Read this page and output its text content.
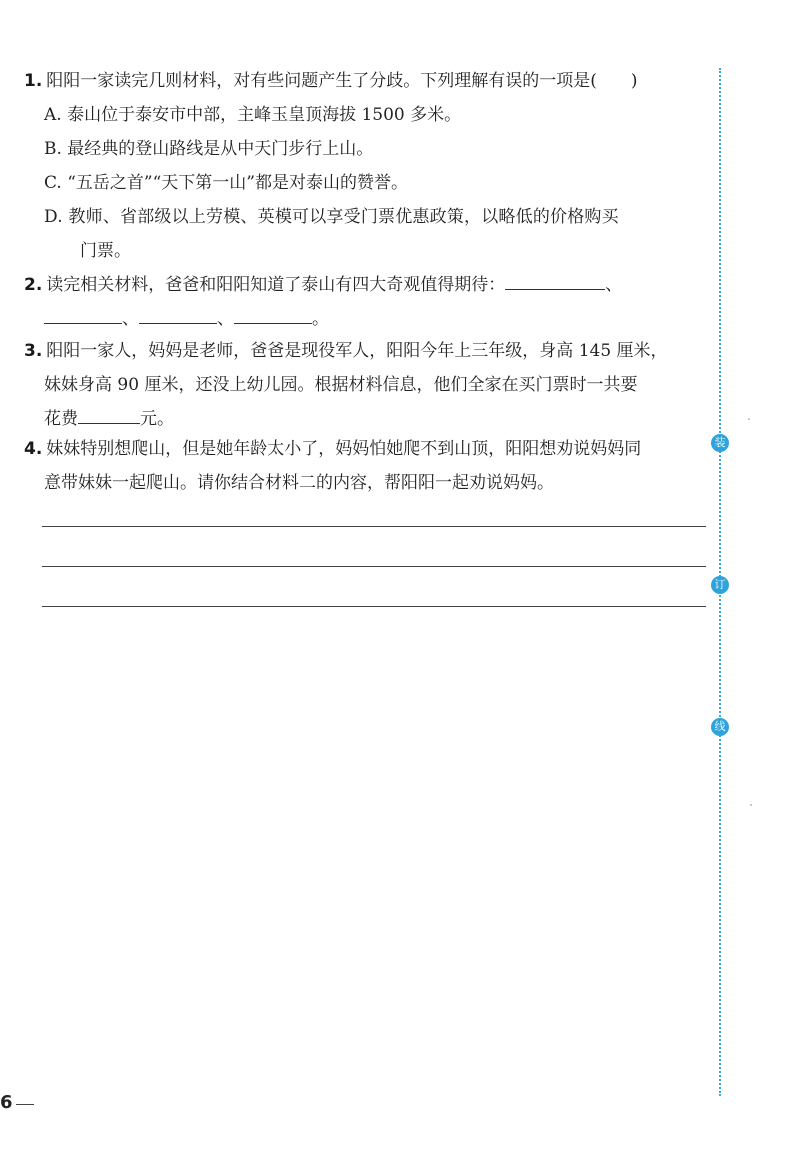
1. 阳阳一家读完几则材料，对有些问题产生了分歧。下列理解有误的一项是(　　)
A. 泰山位于泰安市中部，主峰玉皇顶海拔 1500 多米。
B. 最经典的登山路线是从中天门步行上山。
C. “五岳之首”“天下第一山”都是对泰山的赞誉。
D. 教师、省部级以上劳模、英模可以享受门票优惠政策，以略低的价格购买
门票。
2. 读完相关材料，爸爸和阳阳知道了泰山有四大奇观值得期待：	、
、	、	。
3. 阳阳一家人，妈妈是老师，爸爸是现役军人，阳阳今年上三年级，身高 145 厘米，
妹妹身高 90 厘米，还没上幼儿园。根据材料信息，他们全家在买门票时一共要
花费	元。
4. 妹妹特别想爬山，但是她年龄太小了，妈妈怕她爬不到山顶，阳阳想劝说妈妈同
意带妹妹一起爬山。请你结合材料二的内容，帮阳阳一起劝说妈妈。
装
订
线
6
